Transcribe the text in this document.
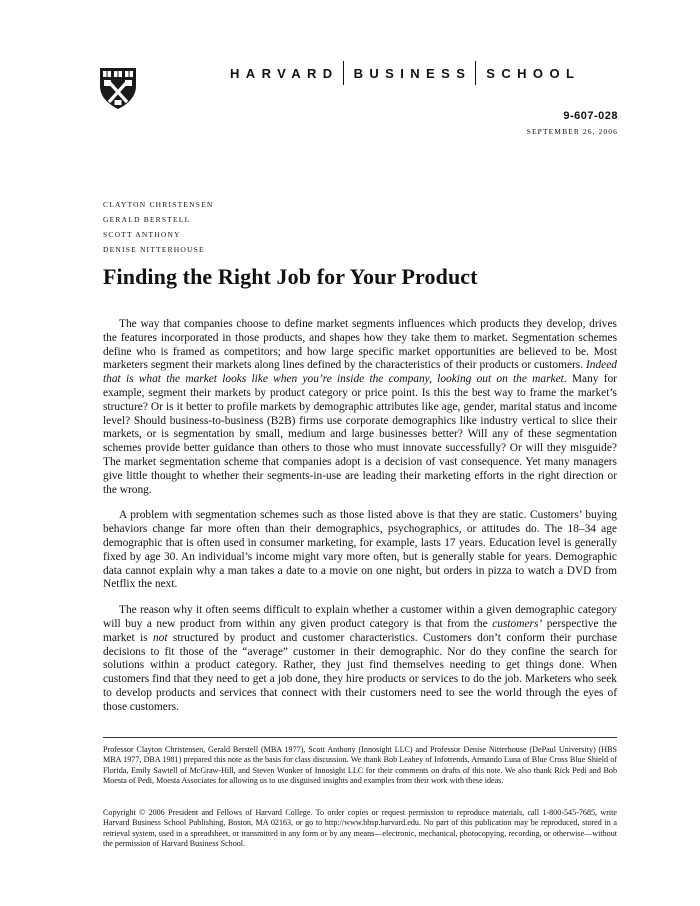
HARVARD BUSINESS SCHOOL
9-607-028
SEPTEMBER 26, 2006
CLAYTON CHRISTENSEN
GERALD BERSTELL
SCOTT ANTHONY
DENISE NITTERHOUSE
Finding the Right Job for Your Product

The way that companies choose to define market segments influences which products they develop, drives the features incorporated in those products, and shapes how they take them to market. Segmentation schemes define who is framed as competitors; and how large specific market opportunities are believed to be. Most marketers segment their markets along lines defined by the characteristics of their products or customers. Indeed that is what the market looks like when you’re inside the company, looking out on the market. Many for example, segment their markets by product category or price point. Is this the best way to frame the market’s structure? Or is it better to profile markets by demographic attributes like age, gender, marital status and income level? Should business-to-business (B2B) firms use corporate demographics like industry vertical to slice their markets, or is segmentation by small, medium and large businesses better? Will any of these segmentation schemes provide better guidance than others to those who must innovate successfully? Or will they misguide? The market segmentation scheme that companies adopt is a decision of vast consequence. Yet many managers give little thought to whether their segments-in-use are leading their marketing efforts in the right direction or the wrong.

A problem with segmentation schemes such as those listed above is that they are static. Customers’ buying behaviors change far more often than their demographics, psychographics, or attitudes do. The 18–34 age demographic that is often used in consumer marketing, for example, lasts 17 years. Education level is generally fixed by age 30. An individual’s income might vary more often, but is generally stable for years. Demographic data cannot explain why a man takes a date to a movie on one night, but orders in pizza to watch a DVD from Netflix the next.

The reason why it often seems difficult to explain whether a customer within a given demographic category will buy a new product from within any given product category is that from the customers’ perspective the market is not structured by product and customer characteristics. Customers don’t conform their purchase decisions to fit those of the “average” customer in their demographic. Nor do they confine the search for solutions within a product category. Rather, they just find themselves needing to get things done. When customers find that they need to get a job done, they hire products or services to do the job. Marketers who seek to develop products and services that connect with their customers need to see the world through the eyes of those customers.

Professor Clayton Christensen, Gerald Berstell (MBA 1977), Scott Anthony (Innosight LLC) and Professor Denise Nitterhouse (DePaul University) (HBS MBA 1977, DBA 1981) prepared this note as the basis for class discussion. We thank Bob Leahey of Infotrends, Armando Luna of Blue Cross Blue Shield of Florida, Emily Sawtell of McGraw-Hill, and Steven Wunker of Innosight LLC for their comments on drafts of this note. We also thank Rick Pedi and Bob Moesta of Pedi, Moesta Associates for allowing us to use disguised insights and examples from their work with these ideas.

Copyright © 2006 President and Fellows of Harvard College. To order copies or request permission to reproduce materials, call 1-800-545-7685, write Harvard Business School Publishing, Boston, MA 02163, or go to http://www.hbsp.harvard.edu. No part of this publication may be reproduced, stored in a retrieval system, used in a spreadsheet, or transmitted in any form or by any means—electronic, mechanical, photocopying, recording, or otherwise—without the permission of Harvard Business School.
